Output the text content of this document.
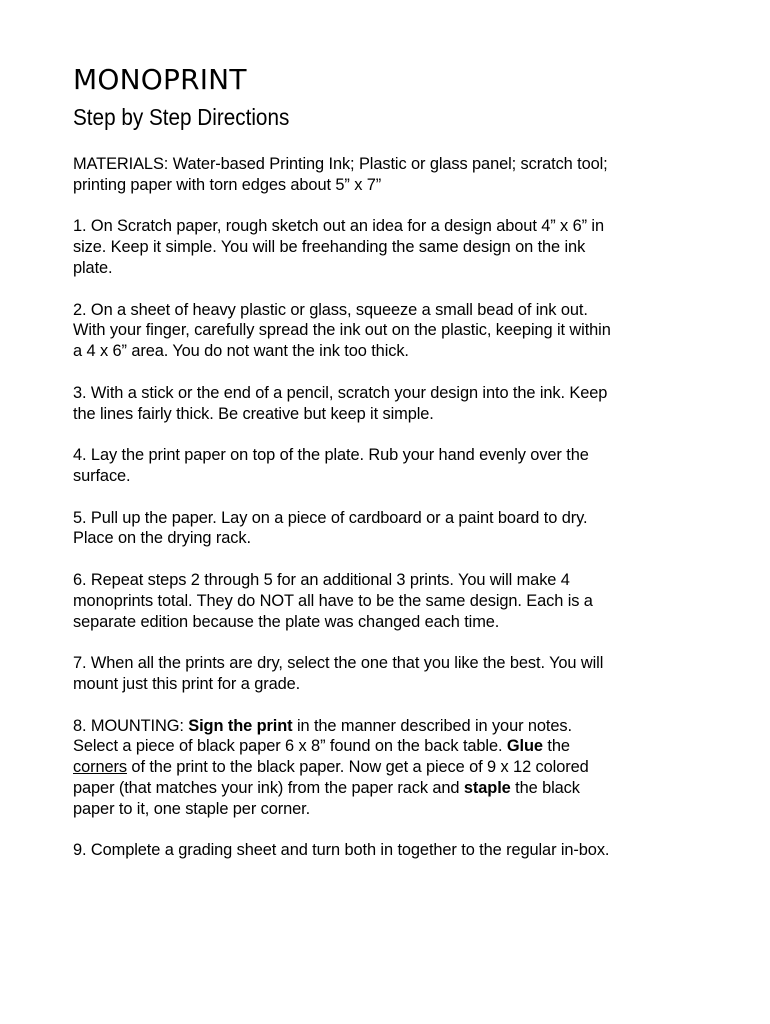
MONOPRINT
Step by Step Directions

MATERIALS: Water-based Printing Ink; Plastic or glass panel; scratch tool; printing paper with torn edges about 5” x 7”

1. On Scratch paper, rough sketch out an idea for a design about 4” x 6” in size. Keep it simple. You will be freehanding the same design on the ink plate.

2. On a sheet of heavy plastic or glass, squeeze a small bead of ink out. With your finger, carefully spread the ink out on the plastic, keeping it within a 4 x 6” area. You do not want the ink too thick.

3. With a stick or the end of a pencil, scratch your design into the ink. Keep the lines fairly thick. Be creative but keep it simple.

4. Lay the print paper on top of the plate. Rub your hand evenly over the surface.

5. Pull up the paper. Lay on a piece of cardboard or a paint board to dry. Place on the drying rack.

6. Repeat steps 2 through 5 for an additional 3 prints. You will make 4 monoprints total. They do NOT all have to be the same design. Each is a separate edition because the plate was changed each time.

7. When all the prints are dry, select the one that you like the best. You will mount just this print for a grade.

8. MOUNTING: Sign the print in the manner described in your notes. Select a piece of black paper 6 x 8” found on the back table. Glue the corners of the print to the black paper. Now get a piece of 9 x 12 colored paper (that matches your ink) from the paper rack and staple the black paper to it, one staple per corner.

9. Complete a grading sheet and turn both in together to the regular in-box.
